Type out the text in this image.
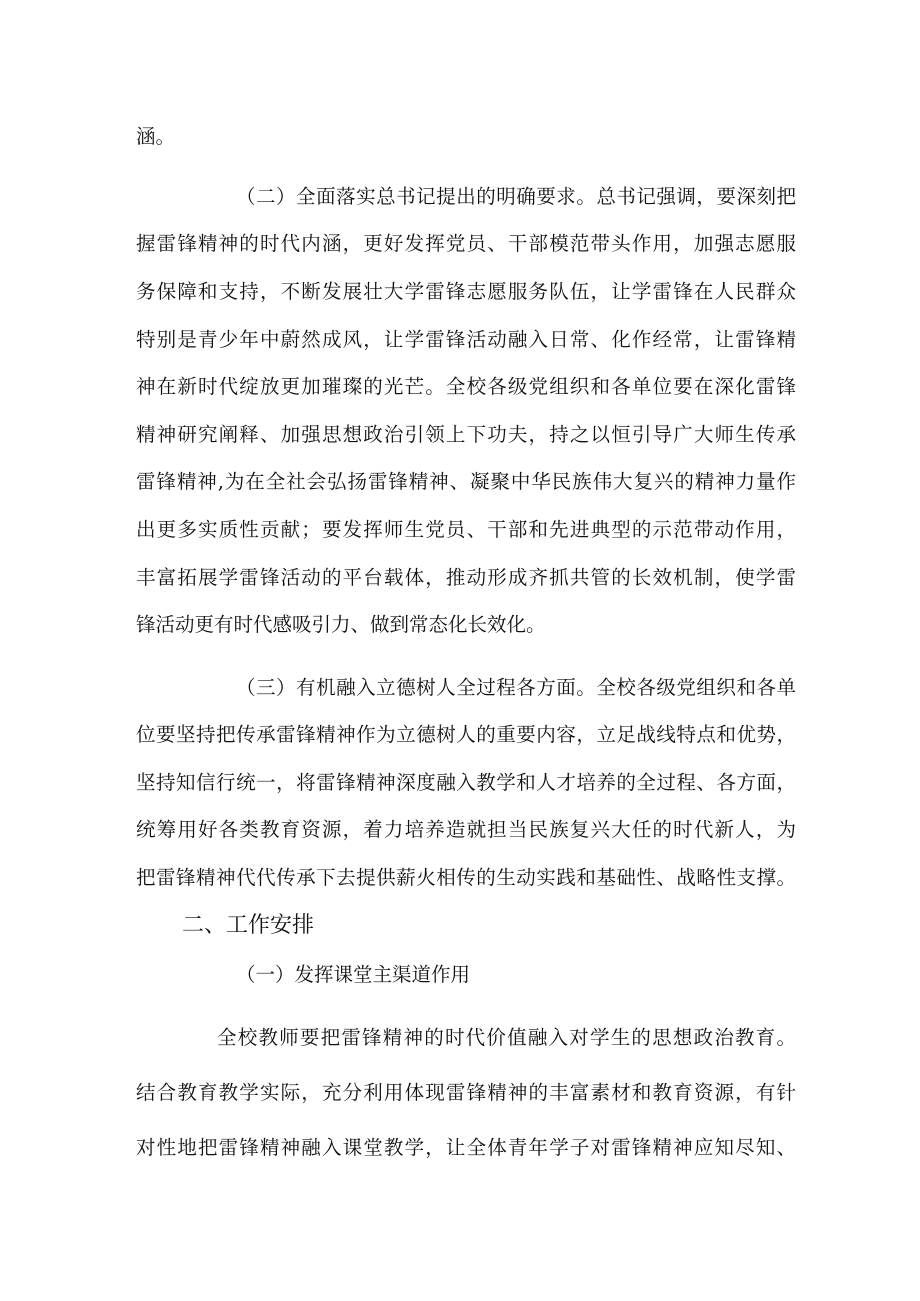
涵。
（二）全面落实总书记提出的明确要求。总书记强调，要深刻把
握雷锋精神的时代内涵，更好发挥党员、干部模范带头作用，加强志愿服
务保障和支持，不断发展壮大学雷锋志愿服务队伍，让学雷锋在人民群众
特别是青少年中蔚然成风，让学雷锋活动融入日常、化作经常，让雷锋精
神在新时代绽放更加璀璨的光芒。全校各级党组织和各单位要在深化雷锋
精神研究阐释、加强思想政治引领上下功夫，持之以恒引导广大师生传承
雷锋精神,为在全社会弘扬雷锋精神、凝聚中华民族伟大复兴的精神力量作
出更多实质性贡献；要发挥师生党员、干部和先进典型的示范带动作用，
丰富拓展学雷锋活动的平台载体，推动形成齐抓共管的长效机制，使学雷
锋活动更有时代感吸引力、做到常态化长效化。
（三）有机融入立德树人全过程各方面。全校各级党组织和各单
位要坚持把传承雷锋精神作为立德树人的重要内容，立足战线特点和优势，
坚持知信行统一，将雷锋精神深度融入教学和人才培养的全过程、各方面，
统筹用好各类教育资源，着力培养造就担当民族复兴大任的时代新人，为
把雷锋精神代代传承下去提供薪火相传的生动实践和基础性、战略性支撑。
二、工作安排
（一）发挥课堂主渠道作用
全校教师要把雷锋精神的时代价值融入对学生的思想政治教育。
结合教育教学实际，充分利用体现雷锋精神的丰富素材和教育资源，有针
对性地把雷锋精神融入课堂教学，让全体青年学子对雷锋精神应知尽知、
